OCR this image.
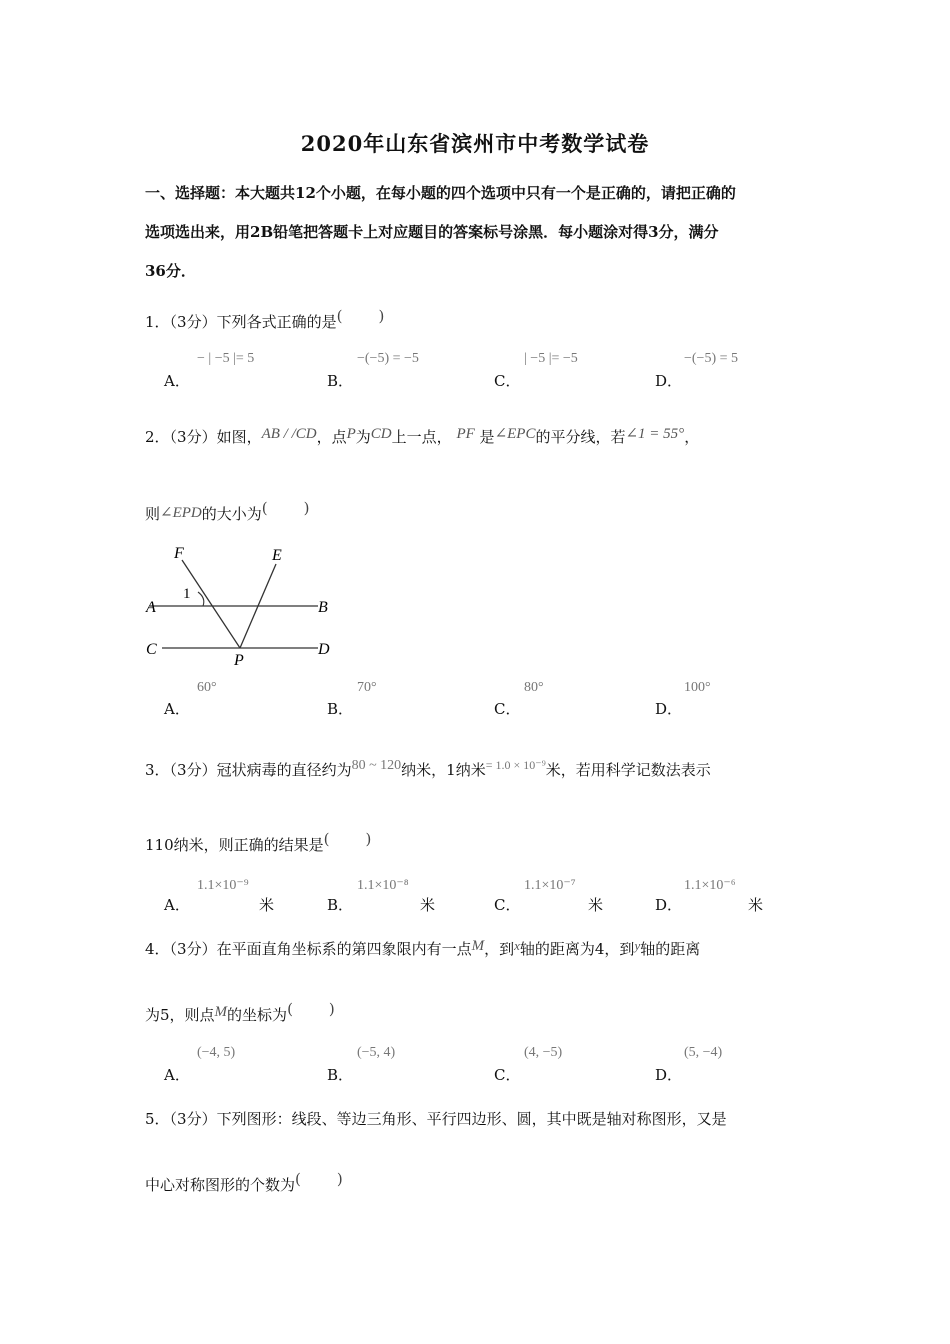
2020年山东省滨州市中考数学试卷
一、选择题：本大题共12个小题，在每小题的四个选项中只有一个是正确的，请把正确的
选项选出来，用2B铅笔把答题卡上对应题目的答案标号涂黑．每小题涂对得3分，满分
36分．
1．（3分）下列各式正确的是( )
− | −5 |= 5
A．
−(−5) = −5
B．
| −5 |= −5
C．
−(−5) = 5
D．
2．（3分）如图，AB / /CD，点P为CD上一点， PF 是∠EPC的平分线，若∠1 = 55°，
则∠EPD的大小为( )
F	E
A	B
C	D
P
1
60°
A．
70°
B．
80°
C．
100°
D．
3．（3分）冠状病毒的直径约为80 ~ 120纳米，1纳米$^{= 1.0 \times 10^{-9}}$米，若用科学记数法表示
110纳米，则正确的结果是( )
1.1×10⁻⁹
A．	米
1.1×10⁻⁸
B．	米
1.1×10⁻⁷
C．	米
1.1×10⁻⁶
D．	米
4．（3分）在平面直角坐标系的第四象限内有一点M，到x轴的距离为4，到y轴的距离
为5，则点M的坐标为( )
(−4, 5)
A．
(−5, 4)
B．
(4, −5)
C．
(5, −4)
D．
5．（3分）下列图形：线段、等边三角形、平行四边形、圆，其中既是轴对称图形，又是
中心对称图形的个数为( )
